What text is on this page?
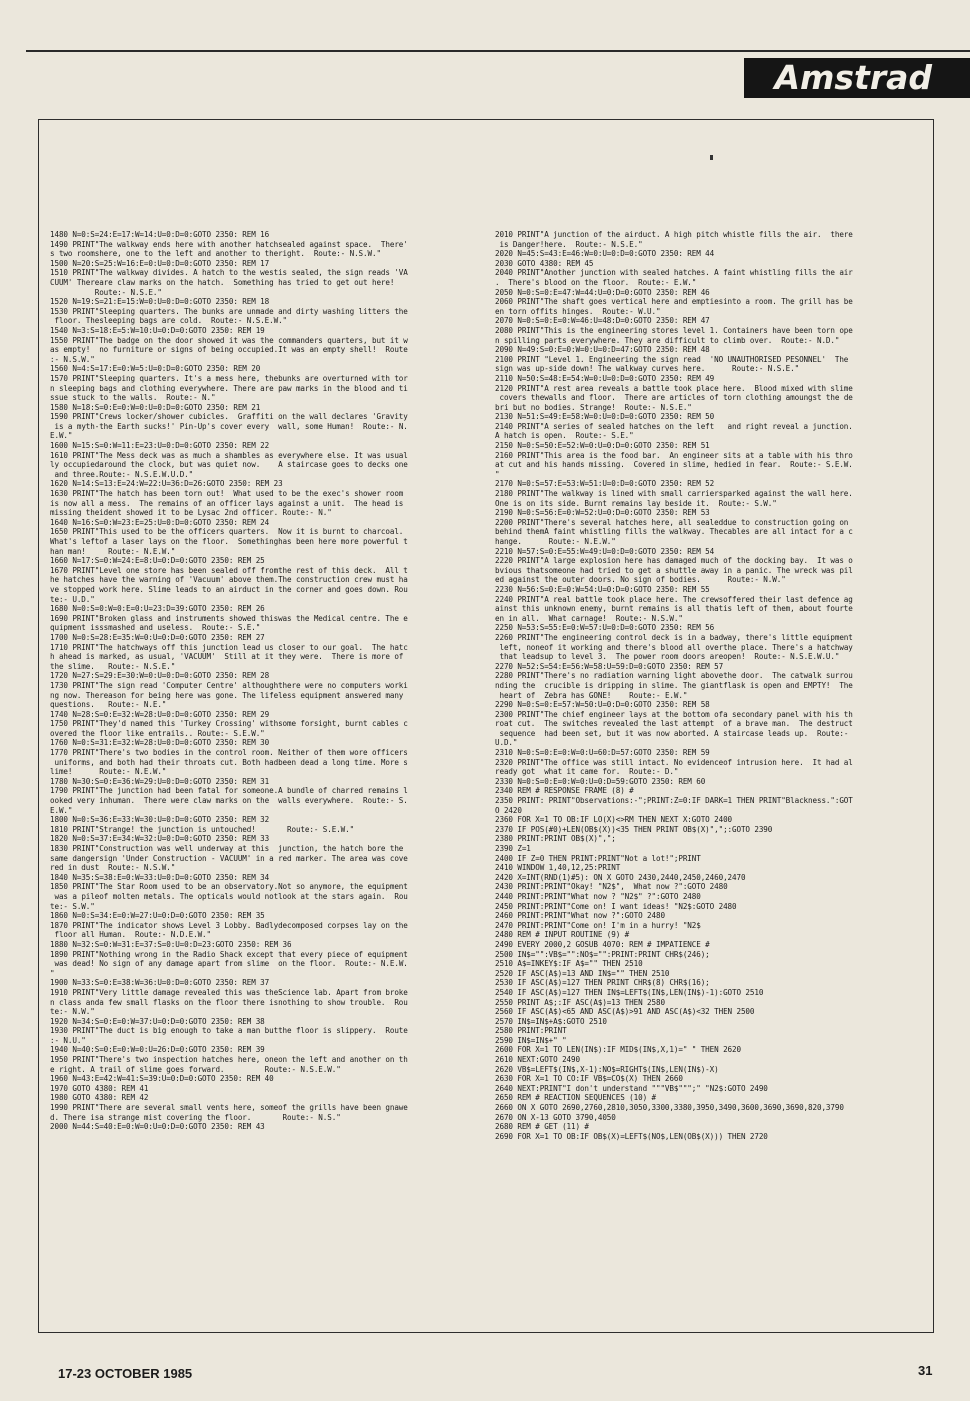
Amstrad
1480 N=0:S=24:E=17:W=14:U=0:D=0:GOTO 2350: REM 16
1490 PRINT"The walkway ends here with another hatchsealed against space.  There'
s two roomshere, one to the left and another to theright.  Route:- N.S.W."
1500 N=20:S=25:W=16:E=0:U=0:D=0:GOTO 2350: REM 17
1510 PRINT"The walkway divides. A hatch to the westis sealed, the sign reads 'VA
CUUM' Thereare claw marks on the hatch.  Something has tried to get out here!
Route:- N.S.E."
1520 N=19:S=21:E=15:W=0:U=0:D=0:GOTO 2350: REM 18
1530 PRINT"Sleeping quarters. The bunks are unmade and dirty washing litters the
floor. Thesleeping bags are cold.  Route:- N.S.E.W."
1540 N=3:S=18:E=5:W=10:U=0:D=0:GOTO 2350: REM 19
1550 PRINT"The badge on the door showed it was the commanders quarters, but it w
as empty!  no furniture or signs of being occupied.It was an empty shell!  Route
:- N.S.W."
1560 N=4:S=17:E=0:W=5:U=0:D=0:GOTO 2350: REM 20
1570 PRINT"Sleeping quarters. It's a mess here, thebunks are overturned with tor
n sleeping bags and clothing everywhere. There are paw marks in the blood and ti
ssue stuck to the walls.  Route:- N."
1580 N=18:S=0:E=0:W=0:U=0:D=0:GOTO 2350: REM 21
1590 PRINT"Crews locker/shower cubicles.  Graffiti on the wall declares 'Gravity
is a myth-the Earth sucks!' Pin-Up's cover every  wall, some Human!  Route:- N.
E.W."
1600 N=15:S=0:W=11:E=23:U=0:D=0:GOTO 2350: REM 22
1610 PRINT"The Mess deck was as much a shambles as everywhere else. It was usual
ly occupiedaround the clock, but was quiet now.    A staircase goes to decks one
and three.Route:- N.S.E.W.U.D."
1620 N=14:S=13:E=24:W=22:U=36:D=26:GOTO 2350: REM 23
1630 PRINT"The hatch has been torn out!  What used to be the exec's shower room
is now all a mess.  The remains of an officer lays against a unit.  The head is
missing theident showed it to be Lysac 2nd officer. Route:- N."
1640 N=16:S=0:W=23:E=25:U=0:D=0:GOTO 2350: REM 24
1650 PRINT"This used to be the officers quarters.  Now it is burnt to charcoal.
What's leftof a laser lays on the floor.  Somethinghas been here more powerful t
han man!     Route:- N.E.W."
1660 N=17:S=0:W=24:E=8:U=0:D=0:GOTO 2350: REM 25
1670 PRINT"Level one store has been sealed off fromthe rest of this deck.  All t
he hatches have the warning of 'Vacuum' above them.The construction crew must ha
ve stopped work here. Slime leads to an airduct in the corner and goes down. Rou
te:- U.D."
1680 N=0:S=0:W=0:E=0:U=23:D=39:GOTO 2350: REM 26
1690 PRINT"Broken glass and instruments showed thiswas the Medical centre. The e
quipment isssmashed and useless.  Route:- S.E."
1700 N=0:S=28:E=35:W=0:U=0:D=0:GOTO 2350: REM 27
1710 PRINT"The hatchways off this junction lead us closer to our goal.  The hatc
h ahead is marked, as usual, 'VACUUM'  Still at it they were.  There is more of
the slime.   Route:- N.S.E."
1720 N=27:S=29:E=30:W=0:U=0:D=0:GOTO 2350: REM 28
1730 PRINT"The sign read 'Computer Centre' althoughthere were no computers worki
ng now. Thereason for being here was gone. The lifeless equipment answered many
questions.   Route:- N.E."
1740 N=28:S=0:E=32:W=28:U=0:D=0:GOTO 2350: REM 29
1750 PRINT"They'd named this 'Turkey Crossing' withsome forsight, burnt cables c
overed the floor like entrails.. Route:- S.E.W."
1760 N=0:S=31:E=32:W=28:U=0:D=0:GOTO 2350: REM 30
1770 PRINT"There's two bodies in the control room. Neither of them wore officers
uniforms, and both had their throats cut. Both hadbeen dead a long time. More s
lime!      Route:- N.E.W."
1780 N=30:S=0:E=36:W=29:U=0:D=0:GOTO 2350: REM 31
1790 PRINT"The junction had been fatal for someone.A bundle of charred remains l
ooked very inhuman.  There were claw marks on the  walls everywhere.  Route:- S.
E.W."
1800 N=0:S=36:E=33:W=30:U=0:D=0:GOTO 2350: REM 32
1810 PRINT"Strange! the junction is untouched!       Route:- S.E.W."
1820 N=0:S=37:E=34:W=32:U=0:D=0:GOTO 2350: REM 33
1830 PRINT"Construction was well underway at this  junction, the hatch bore the
same dangersign 'Under Construction - VACUUM' in a red marker. The area was cove
red in dust  Route:- N.S.W."
1840 N=35:S=38:E=0:W=33:U=0:D=0:GOTO 2350: REM 34
1850 PRINT"The Star Room used to be an observatory.Not so anymore, the equipment
was a pileof molten metals. The opticals would notlook at the stars again.  Rou
te:- S.W."
1860 N=0:S=34:E=0:W=27:U=0:D=0:GOTO 2350: REM 35
1870 PRINT"The indicator shows Level 3 Lobby. Badlydecomposed corpses lay on the
floor all Human.  Route:- N.D.E.W."
1880 N=32:S=0:W=31:E=37:S=0:U=0:D=23:GOTO 2350: REM 36
1890 PRINT"Nothing wrong in the Radio Shack except that every piece of equipment
was dead! No sign of any damage apart from slime  on the floor.  Route:- N.E.W.
"
1900 N=33:S=0:E=38:W=36:U=0:D=0:GOTO 2350: REM 37
1910 PRINT"Very little damage revealed this was theScience lab. Apart from broke
n class anda few small flasks on the floor there isnothing to show trouble.  Rou
te:- N.W."
1920 N=34:S=0:E=0:W=37:U=0:D=0:GOTO 2350: REM 38
1930 PRINT"The duct is big enough to take a man butthe floor is slippery.  Route
:- N.U."
1940 N=40:S=0:E=0:W=0:U=26:D=0:GOTO 2350: REM 39
1950 PRINT"There's two inspection hatches here, oneon the left and another on th
e right. A trail of slime goes forward.         Route:- N.S.E.W."
1960 N=43:E=42:W=41:S=39:U=0:D=0:GOTO 2350: REM 40
1970 GOTO 4380: REM 41
1980 GOTO 4380: REM 42
1990 PRINT"There are several small vents here, someof the grills have been gnawe
d. There isa strange mist covering the floor.       Route:- N.S."
2000 N=44:S=40:E=0:W=0:U=0:D=0:GOTO 2350: REM 43
2010 PRINT"A junction of the airduct. A high pitch whistle fills the air.  there
is Danger!here.  Route:- N.S.E."
2020 N=45:S=43:E=46:W=0:U=0:D=0:GOTO 2350: REM 44
2030 GOTO 4380: REM 45
2040 PRINT"Another junction with sealed hatches. A faint whistling fills the air
.  There's blood on the floor.  Route:- E.W."
2050 N=0:S=0:E=47:W=44:U=0:D=0:GOTO 2350: REM 46
2060 PRINT"The shaft goes vertical here and emptiesinto a room. The grill has be
en torn offits hinges.  Route:- W.U."
2070 N=0:S=0:E=0:W=46:U=48:D=0:GOTO 2350: REM 47
2080 PRINT"This is the engineering stores level 1. Containers have been torn ope
n spilling parts everywhere. They are difficult to climb over.  Route:- N.D."
2090 N=49:S=0:E=0:W=0:U=0:D=47:GOTO 2350: REM 48
2100 PRINT "Level 1. Engineering the sign read  'NO UNAUTHORISED PESONNEL'  The
sign was up-side down! The walkway curves here.      Route:- N.S.E."
2110 N=50:S=48:E=54:W=0:U=0:D=0:GOTO 2350: REM 49
2120 PRINT"A rest area reveals a battle took place here.  Blood mixed with slime
covers thewalls and floor.  There are articles of torn clothing amoungst the de
bri but no bodies. Strange!  Route:- N.S.E."
2130 N=51:S=49:E=58:W=0:U=0:D=0:GOTO 2350: REM 50
2140 PRINT"A series of sealed hatches on the left   and right reveal a junction.
A hatch is open.  Route:- S.E."
2150 N=0:S=50:E=52:W=0:U=0:D=0:GOTO 2350: REM 51
2160 PRINT"This area is the food bar.  An engineer sits at a table with his thro
at cut and his hands missing.  Covered in slime, hedied in fear.  Route:- S.E.W.
"
2170 N=0:S=57:E=53:W=51:U=0:D=0:GOTO 2350: REM 52
2180 PRINT"The walkway is lined with small carriersparked against the wall here.
One is on its side. Burnt remains lay beside it.  Route:- S.W."
2190 N=0:S=56:E=0:W=52:U=0:D=0:GOTO 2350: REM 53
2200 PRINT"There's several hatches here, all sealeddue to construction going on
behind themA faint whistling fills the walkway. Thecables are all intact for a c
hange.      Route:- N.E.W."
2210 N=57:S=0:E=55:W=49:U=0:D=0:GOTO 2350: REM 54
2220 PRINT"A large explosion here has damaged much of the docking bay.  It was o
bvious thatsomeone had tried to get a shuttle away in a panic. The wreck was pil
ed against the outer doors. No sign of bodies.      Route:- N.W."
2230 N=56:S=0:E=0:W=54:U=0:D=0:GOTO 2350: REM 55
2240 PRINT"A real battle took place here. The crewsoffered their last defence ag
ainst this unknown enemy, burnt remains is all thatis left of them, about fourte
en in all.  What carnage!  Route:- N.S.W."
2250 N=53:S=55:E=0:W=57:U=0:D=0:GOTO 2350: REM 56
2260 PRINT"The engineering control deck is in a badway, there's little equipment
left, noneof it working and there's blood all overthe place. There's a hatchway
that leadsup to level 3.  The power room doors areopen!  Route:- N.S.E.W.U."
2270 N=52:S=54:E=56:W=58:U=59:D=0:GOTO 2350: REM 57
2280 PRINT"There's no radiation warning light abovethe door.  The catwalk surrou
nding the  crucible is dripping in slime. The giantflask is open and EMPTY!  The
heart of  Zebra has GONE!    Route:- E.W."
2290 N=0:S=0:E=57:W=50:U=0:D=0:GOTO 2350: REM 58
2300 PRINT"The chief engineer lays at the bottom ofa secondary panel with his th
roat cut.  The switches revealed the last attempt  of a brave man.  The destruct
sequence  had been set, but it was now aborted. A staircase leads up.  Route:-
U.D."
2310 N=0:S=0:E=0:W=0:U=60:D=57:GOTO 2350: REM 59
2320 PRINT"The office was still intact. No evidenceof intrusion here.  It had al
ready got  what it came for.  Route:- D."
2330 N=0:S=0:E=0:W=0:U=0:D=59:GOTO 2350: REM 60
2340 REM # RESPONSE FRAME (8) #
2350 PRINT: PRINT"Observations:-";PRINT:Z=0:IF DARK=1 THEN PRINT"Blackness.":GOT
O 2420
2360 FOR X=1 TO OB:IF LO(X)<>RM THEN NEXT X:GOTO 2400
2370 IF POS(#0)+LEN(OB$(X))<35 THEN PRINT OB$(X)",";:GOTO 2390
2380 PRINT:PRINT OB$(X)",";
2390 Z=1
2400 IF Z=0 THEN PRINT:PRINT"Not a lot!";PRINT
2410 WINDOW 1,40,12,25:PRINT
2420 X=INT(RND(1)#5): ON X GOTO 2430,2440,2450,2460,2470
2430 PRINT:PRINT"Okay! "N2$",  What now ?":GOTO 2480
2440 PRINT:PRINT"What now ? "N2$" ?":GOTO 2480
2450 PRINT:PRINT"Come on! I want ideas! "N2$:GOTO 2480
2460 PRINT:PRINT"What now ?":GOTO 2480
2470 PRINT:PRINT"Come on! I'm in a hurry! "N2$
2480 REM # INPUT ROUTINE (9) #
2490 EVERY 2000,2 GOSUB 4070: REM # IMPATIENCE #
2500 IN$="":VB$="":NO$="":PRINT:PRINT CHR$(246);
2510 A$=INKEY$:IF A$="" THEN 2510
2520 IF ASC(A$)=13 AND IN$="" THEN 2510
2530 IF ASC(A$)=127 THEN PRINT CHR$(8) CHR$(16);
2540 IF ASC(A$)=127 THEN IN$=LEFT$(IN$,LEN(IN$)-1):GOTO 2510
2550 PRINT A$;:IF ASC(A$)=13 THEN 2580
2560 IF ASC(A$)<65 AND ASC(A$)>91 AND ASC(A$)<32 THEN 2500
2570 IN$=IN$+A$:GOTO 2510
2580 PRINT:PRINT
2590 IN$=IN$+" "
2600 FOR X=1 TO LEN(IN$):IF MID$(IN$,X,1)=" " THEN 2620
2610 NEXT:GOTO 2490
2620 VB$=LEFT$(IN$,X-1):NO$=RIGHT$(IN$,LEN(IN$)-X)
2630 FOR X=1 TO CO:IF VB$=CO$(X) THEN 2660
2640 NEXT:PRINT"I don't understand """VB$""";" "N2$:GOTO 2490
2650 REM # REACTION SEQUENCES (10) #
2660 ON X GOTO 2690,2760,2810,3050,3300,3380,3950,3490,3600,3690,3690,820,3790
2670 ON X-13 GOTO 3790,4050
2680 REM # GET (11) #
2690 FOR X=1 TO OB:IF OB$(X)=LEFT$(NO$,LEN(OB$(X))) THEN 2720
17-23 OCTOBER 1985	31
